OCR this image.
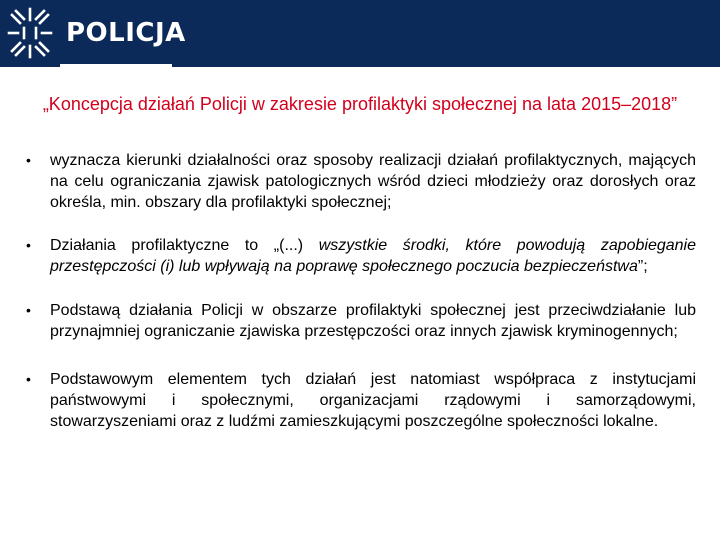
POLICJA
„Koncepcja działań Policji w zakresie profilaktyki społecznej na lata 2015–2018”
• wyznacza kierunki działalności oraz sposoby realizacji działań profilaktycznych, mających na celu ograniczania zjawisk patologicznych wśród dzieci młodzieży oraz dorosłych oraz określa, min. obszary dla profilaktyki społecznej;
• Działania profilaktyczne to „(...) wszystkie środki, które powodują zapobieganie przestępczości (i) lub wpływają na poprawę społecznego poczucia bezpieczeństwa”;
• Podstawą działania Policji w obszarze profilaktyki społecznej jest przeciwdziałanie lub przynajmniej ograniczanie zjawiska przestępczości oraz innych zjawisk kryminogennych;
• Podstawowym elementem tych działań jest natomiast współpraca z instytucjami państwowymi i społecznymi, organizacjami rządowymi i samorządowymi, stowarzyszeniami oraz z ludźmi zamieszkującymi poszczególne społeczności lokalne.
